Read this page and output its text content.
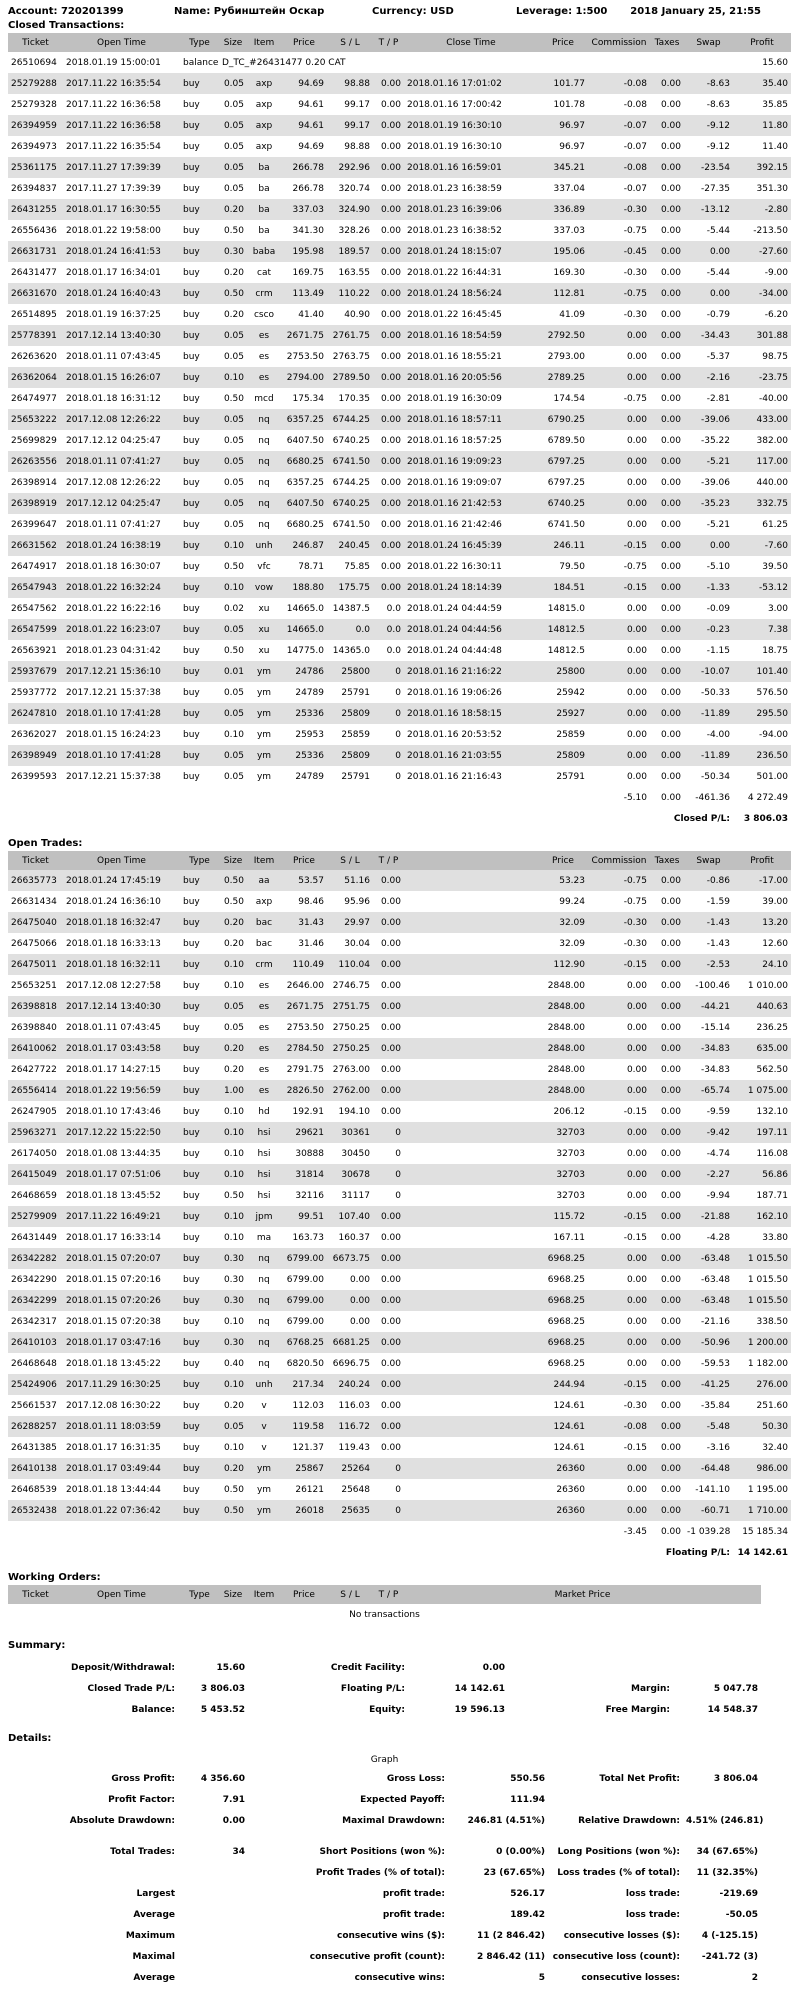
Account: 720201399	Name: Рубинштейн Оскар	Currency: USD	Leverage: 1:500	2018 January 25, 21:55
Closed Transactions:
Ticket	Open Time	Type	Size	Item	Price	S / L	T / P	Close Time	Price	Commission	Taxes	Swap	Profit
26510694	2018.01.19 15:00:01	balance	D_TC_#26431477 0.20 CAT										15.60
25279288	2017.11.22 16:35:54	buy	0.05	axp	94.69	98.88	0.00	2018.01.16 17:01:02	101.77	-0.08	0.00	-8.63	35.40
25279328	2017.11.22 16:36:58	buy	0.05	axp	94.61	99.17	0.00	2018.01.16 17:00:42	101.78	-0.08	0.00	-8.63	35.85
26394959	2017.11.22 16:36:58	buy	0.05	axp	94.61	99.17	0.00	2018.01.19 16:30:10	96.97	-0.07	0.00	-9.12	11.80
26394973	2017.11.22 16:35:54	buy	0.05	axp	94.69	98.88	0.00	2018.01.19 16:30:10	96.97	-0.07	0.00	-9.12	11.40
25361175	2017.11.27 17:39:39	buy	0.05	ba	266.78	292.96	0.00	2018.01.16 16:59:01	345.21	-0.08	0.00	-23.54	392.15
26394837	2017.11.27 17:39:39	buy	0.05	ba	266.78	320.74	0.00	2018.01.23 16:38:59	337.04	-0.07	0.00	-27.35	351.30
26431255	2018.01.17 16:30:55	buy	0.20	ba	337.03	324.90	0.00	2018.01.23 16:39:06	336.89	-0.30	0.00	-13.12	-2.80
26556436	2018.01.22 19:58:00	buy	0.50	ba	341.30	328.26	0.00	2018.01.23 16:38:52	337.03	-0.75	0.00	-5.44	-213.50
26631731	2018.01.24 16:41:53	buy	0.30	baba	195.98	189.57	0.00	2018.01.24 18:15:07	195.06	-0.45	0.00	0.00	-27.60
26431477	2018.01.17 16:34:01	buy	0.20	cat	169.75	163.55	0.00	2018.01.22 16:44:31	169.30	-0.30	0.00	-5.44	-9.00
26631670	2018.01.24 16:40:43	buy	0.50	crm	113.49	110.22	0.00	2018.01.24 18:56:24	112.81	-0.75	0.00	0.00	-34.00
26514895	2018.01.19 16:37:25	buy	0.20	csco	41.40	40.90	0.00	2018.01.22 16:45:45	41.09	-0.30	0.00	-0.79	-6.20
25778391	2017.12.14 13:40:30	buy	0.05	es	2671.75	2761.75	0.00	2018.01.16 18:54:59	2792.50	0.00	0.00	-34.43	301.88
26263620	2018.01.11 07:43:45	buy	0.05	es	2753.50	2763.75	0.00	2018.01.16 18:55:21	2793.00	0.00	0.00	-5.37	98.75
26362064	2018.01.15 16:26:07	buy	0.10	es	2794.00	2789.50	0.00	2018.01.16 20:05:56	2789.25	0.00	0.00	-2.16	-23.75
26474977	2018.01.18 16:31:12	buy	0.50	mcd	175.34	170.35	0.00	2018.01.19 16:30:09	174.54	-0.75	0.00	-2.81	-40.00
25653222	2017.12.08 12:26:22	buy	0.05	nq	6357.25	6744.25	0.00	2018.01.16 18:57:11	6790.25	0.00	0.00	-39.06	433.00
25699829	2017.12.12 04:25:47	buy	0.05	nq	6407.50	6740.25	0.00	2018.01.16 18:57:25	6789.50	0.00	0.00	-35.22	382.00
26263556	2018.01.11 07:41:27	buy	0.05	nq	6680.25	6741.50	0.00	2018.01.16 19:09:23	6797.25	0.00	0.00	-5.21	117.00
26398914	2017.12.08 12:26:22	buy	0.05	nq	6357.25	6744.25	0.00	2018.01.16 19:09:07	6797.25	0.00	0.00	-39.06	440.00
26398919	2017.12.12 04:25:47	buy	0.05	nq	6407.50	6740.25	0.00	2018.01.16 21:42:53	6740.25	0.00	0.00	-35.23	332.75
26399647	2018.01.11 07:41:27	buy	0.05	nq	6680.25	6741.50	0.00	2018.01.16 21:42:46	6741.50	0.00	0.00	-5.21	61.25
26631562	2018.01.24 16:38:19	buy	0.10	unh	246.87	240.45	0.00	2018.01.24 16:45:39	246.11	-0.15	0.00	0.00	-7.60
26474917	2018.01.18 16:30:07	buy	0.50	vfc	78.71	75.85	0.00	2018.01.22 16:30:11	79.50	-0.75	0.00	-5.10	39.50
26547943	2018.01.22 16:32:24	buy	0.10	vow	188.80	175.75	0.00	2018.01.24 18:14:39	184.51	-0.15	0.00	-1.33	-53.12
26547562	2018.01.22 16:22:16	buy	0.02	xu	14665.0	14387.5	0.0	2018.01.24 04:44:59	14815.0	0.00	0.00	-0.09	3.00
26547599	2018.01.22 16:23:07	buy	0.05	xu	14665.0	0.0	0.0	2018.01.24 04:44:56	14812.5	0.00	0.00	-0.23	7.38
26563921	2018.01.23 04:31:42	buy	0.50	xu	14775.0	14365.0	0.0	2018.01.24 04:44:48	14812.5	0.00	0.00	-1.15	18.75
25937679	2017.12.21 15:36:10	buy	0.01	ym	24786	25800	0	2018.01.16 21:16:22	25800	0.00	0.00	-10.07	101.40
25937772	2017.12.21 15:37:38	buy	0.05	ym	24789	25791	0	2018.01.16 19:06:26	25942	0.00	0.00	-50.33	576.50
26247810	2018.01.10 17:41:28	buy	0.05	ym	25336	25809	0	2018.01.16 18:58:15	25927	0.00	0.00	-11.89	295.50
26362027	2018.01.15 16:24:23	buy	0.10	ym	25953	25859	0	2018.01.16 20:53:52	25859	0.00	0.00	-4.00	-94.00
26398949	2018.01.10 17:41:28	buy	0.05	ym	25336	25809	0	2018.01.16 21:03:55	25809	0.00	0.00	-11.89	236.50
26399593	2017.12.21 15:37:38	buy	0.05	ym	24789	25791	0	2018.01.16 21:16:43	25791	0.00	0.00	-50.34	501.00
										-5.10	0.00	-461.36	4 272.49
											Closed P/L:		3 806.03
Open Trades:
Ticket	Open Time	Type	Size	Item	Price	S / L	T / P		Price	Commission	Taxes	Swap	Profit
26635773	2018.01.24 17:45:19	buy	0.50	aa	53.57	51.16	0.00		53.23	-0.75	0.00	-0.86	-17.00
26631434	2018.01.24 16:36:10	buy	0.50	axp	98.46	95.96	0.00		99.24	-0.75	0.00	-1.59	39.00
26475040	2018.01.18 16:32:47	buy	0.20	bac	31.43	29.97	0.00		32.09	-0.30	0.00	-1.43	13.20
26475066	2018.01.18 16:33:13	buy	0.20	bac	31.46	30.04	0.00		32.09	-0.30	0.00	-1.43	12.60
26475011	2018.01.18 16:32:11	buy	0.10	crm	110.49	110.04	0.00		112.90	-0.15	0.00	-2.53	24.10
25653251	2017.12.08 12:27:58	buy	0.10	es	2646.00	2746.75	0.00		2848.00	0.00	0.00	-100.46	1 010.00
26398818	2017.12.14 13:40:30	buy	0.05	es	2671.75	2751.75	0.00		2848.00	0.00	0.00	-44.21	440.63
26398840	2018.01.11 07:43:45	buy	0.05	es	2753.50	2750.25	0.00		2848.00	0.00	0.00	-15.14	236.25
26410062	2018.01.17 03:43:58	buy	0.20	es	2784.50	2750.25	0.00		2848.00	0.00	0.00	-34.83	635.00
26427722	2018.01.17 14:27:15	buy	0.20	es	2791.75	2763.00	0.00		2848.00	0.00	0.00	-34.83	562.50
26556414	2018.01.22 19:56:59	buy	1.00	es	2826.50	2762.00	0.00		2848.00	0.00	0.00	-65.74	1 075.00
26247905	2018.01.10 17:43:46	buy	0.10	hd	192.91	194.10	0.00		206.12	-0.15	0.00	-9.59	132.10
25963271	2017.12.22 15:22:50	buy	0.10	hsi	29621	30361	0		32703	0.00	0.00	-9.42	197.11
26174050	2018.01.08 13:44:35	buy	0.10	hsi	30888	30450	0		32703	0.00	0.00	-4.74	116.08
26415049	2018.01.17 07:51:06	buy	0.10	hsi	31814	30678	0		32703	0.00	0.00	-2.27	56.86
26468659	2018.01.18 13:45:52	buy	0.50	hsi	32116	31117	0		32703	0.00	0.00	-9.94	187.71
25279909	2017.11.22 16:49:21	buy	0.10	jpm	99.51	107.40	0.00		115.72	-0.15	0.00	-21.88	162.10
26431449	2018.01.17 16:33:14	buy	0.10	ma	163.73	160.37	0.00		167.11	-0.15	0.00	-4.28	33.80
26342282	2018.01.15 07:20:07	buy	0.30	nq	6799.00	6673.75	0.00		6968.25	0.00	0.00	-63.48	1 015.50
26342290	2018.01.15 07:20:16	buy	0.30	nq	6799.00	0.00	0.00		6968.25	0.00	0.00	-63.48	1 015.50
26342299	2018.01.15 07:20:26	buy	0.30	nq	6799.00	0.00	0.00		6968.25	0.00	0.00	-63.48	1 015.50
26342317	2018.01.15 07:20:38	buy	0.10	nq	6799.00	0.00	0.00		6968.25	0.00	0.00	-21.16	338.50
26410103	2018.01.17 03:47:16	buy	0.30	nq	6768.25	6681.25	0.00		6968.25	0.00	0.00	-50.96	1 200.00
26468648	2018.01.18 13:45:22	buy	0.40	nq	6820.50	6696.75	0.00		6968.25	0.00	0.00	-59.53	1 182.00
25424906	2017.11.29 16:30:25	buy	0.10	unh	217.34	240.24	0.00		244.94	-0.15	0.00	-41.25	276.00
25661537	2017.12.08 16:30:22	buy	0.20	v	112.03	116.03	0.00		124.61	-0.30	0.00	-35.84	251.60
26288257	2018.01.11 18:03:59	buy	0.05	v	119.58	116.72	0.00		124.61	-0.08	0.00	-5.48	50.30
26431385	2018.01.17 16:31:35	buy	0.10	v	121.37	119.43	0.00		124.61	-0.15	0.00	-3.16	32.40
26410138	2018.01.17 03:49:44	buy	0.20	ym	25867	25264	0		26360	0.00	0.00	-64.48	986.00
26468539	2018.01.18 13:44:44	buy	0.50	ym	26121	25648	0		26360	0.00	0.00	-141.10	1 195.00
26532438	2018.01.22 07:36:42	buy	0.50	ym	26018	25635	0		26360	0.00	0.00	-60.71	1 710.00
										-3.45	0.00	-1 039.28	15 185.34
											Floating P/L:		14 142.61
Working Orders:
Ticket	Open Time	Type	Size	Item	Price	S / L	T / P	Market Price
No transactions
Summary:
Deposit/Withdrawal:	15.60	Credit Facility:	0.00		
Closed Trade P/L:	3 806.03	Floating P/L:	14 142.61	Margin:	5 047.78
Balance:	5 453.52	Equity:	19 596.13	Free Margin:	14 548.37
Details:
Graph
Gross Profit:	4 356.60	Gross Loss:	550.56	Total Net Profit:	3 806.04
Profit Factor:	7.91	Expected Payoff:	111.94		
Absolute Drawdown:	0.00	Maximal Drawdown:	246.81 (4.51%)	Relative Drawdown:	4.51% (246.81)

Total Trades:	34	Short Positions (won %):	0 (0.00%)	Long Positions (won %):	34 (67.65%)
		Profit Trades (% of total):	23 (67.65%)	Loss trades (% of total):	11 (32.35%)
Largest		profit trade:	526.17	loss trade:	-219.69
Average		profit trade:	189.42	loss trade:	-50.05
Maximum		consecutive wins ($):	11 (2 846.42)	consecutive losses ($):	4 (-125.15)
Maximal		consecutive profit (count):	2 846.42 (11)	consecutive loss (count):	-241.72 (3)
Average		consecutive wins:	5	consecutive losses:	2
